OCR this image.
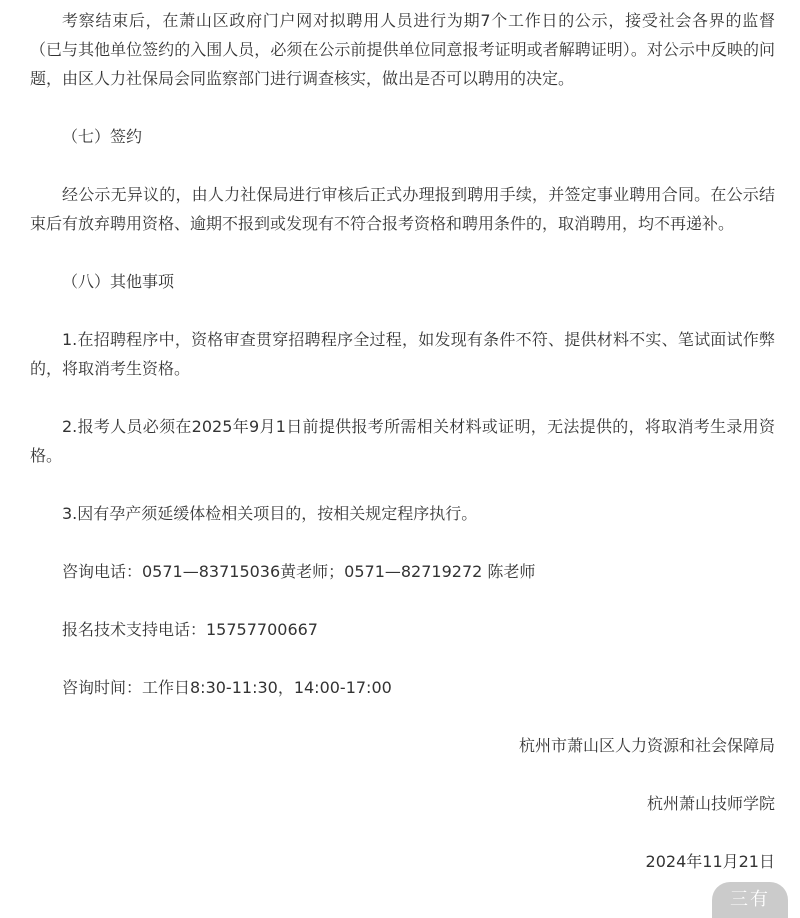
考察结束后，在萧山区政府门户网对拟聘用人员进行为期7个工作日的公示，接受社会各界的监督（已与其他单位签约的入围人员，必须在公示前提供单位同意报考证明或者解聘证明）。对公示中反映的问题，由区人力社保局会同监察部门进行调查核实，做出是否可以聘用的决定。

（七）签约

经公示无异议的，由人力社保局进行审核后正式办理报到聘用手续，并签定事业聘用合同。在公示结束后有放弃聘用资格、逾期不报到或发现有不符合报考资格和聘用条件的，取消聘用，均不再递补。

（八）其他事项

1.在招聘程序中，资格审查贯穿招聘程序全过程，如发现有条件不符、提供材料不实、笔试面试作弊的，将取消考生资格。

2.报考人员必须在2025年9月1日前提供报考所需相关材料或证明，无法提供的，将取消考生录用资格。

3.因有孕产须延缓体检相关项目的，按相关规定程序执行。

咨询电话：0571—83715036黄老师；0571—82719272 陈老师

报名技术支持电话：15757700667

咨询时间：工作日8:30-11:30，14:00-17:00

杭州市萧山区人力资源和社会保障局

杭州萧山技师学院

2024年11月21日

三有
